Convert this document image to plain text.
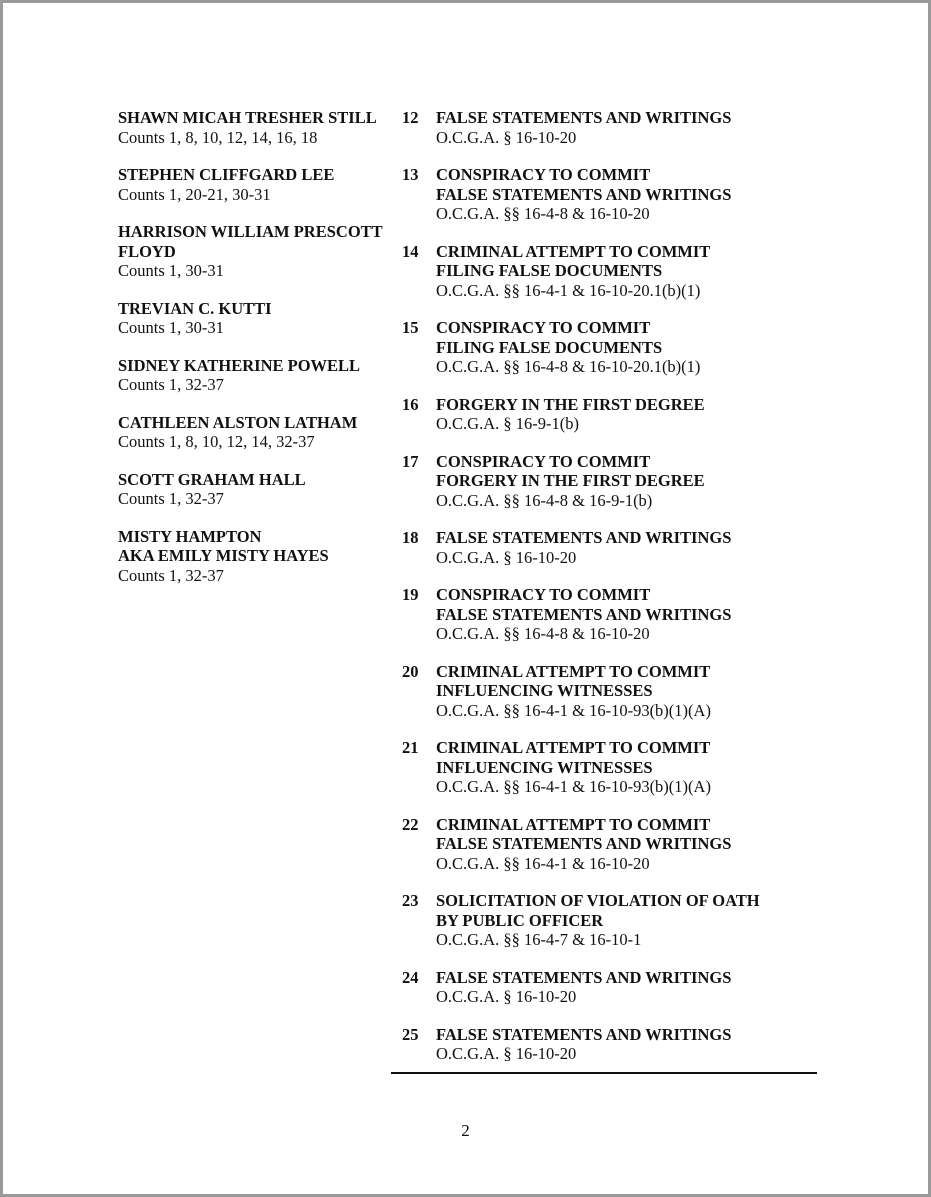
SHAWN MICAH TRESHER STILL
Counts 1, 8, 10, 12, 14, 16, 18
STEPHEN CLIFFGARD LEE
Counts 1, 20-21, 30-31
HARRISON WILLIAM PRESCOTT
FLOYD
Counts 1, 30-31
TREVIAN C. KUTTI
Counts 1, 30-31
SIDNEY KATHERINE POWELL
Counts 1, 32-37
CATHLEEN ALSTON LATHAM
Counts 1, 8, 10, 12, 14, 32-37
SCOTT GRAHAM HALL
Counts 1, 32-37
MISTY HAMPTON
AKA EMILY MISTY HAYES
Counts 1, 32-37
12 FALSE STATEMENTS AND WRITINGS
O.C.G.A. § 16-10-20
13 CONSPIRACY TO COMMIT
FALSE STATEMENTS AND WRITINGS
O.C.G.A. §§ 16-4-8 & 16-10-20
14 CRIMINAL ATTEMPT TO COMMIT
FILING FALSE DOCUMENTS
O.C.G.A. §§ 16-4-1 & 16-10-20.1(b)(1)
15 CONSPIRACY TO COMMIT
FILING FALSE DOCUMENTS
O.C.G.A. §§ 16-4-8 & 16-10-20.1(b)(1)
16 FORGERY IN THE FIRST DEGREE
O.C.G.A. § 16-9-1(b)
17 CONSPIRACY TO COMMIT
FORGERY IN THE FIRST DEGREE
O.C.G.A. §§ 16-4-8 & 16-9-1(b)
18 FALSE STATEMENTS AND WRITINGS
O.C.G.A. § 16-10-20
19 CONSPIRACY TO COMMIT
FALSE STATEMENTS AND WRITINGS
O.C.G.A. §§ 16-4-8 & 16-10-20
20 CRIMINAL ATTEMPT TO COMMIT
INFLUENCING WITNESSES
O.C.G.A. §§ 16-4-1 & 16-10-93(b)(1)(A)
21 CRIMINAL ATTEMPT TO COMMIT
INFLUENCING WITNESSES
O.C.G.A. §§ 16-4-1 & 16-10-93(b)(1)(A)
22 CRIMINAL ATTEMPT TO COMMIT
FALSE STATEMENTS AND WRITINGS
O.C.G.A. §§ 16-4-1 & 16-10-20
23 SOLICITATION OF VIOLATION OF OATH
BY PUBLIC OFFICER
O.C.G.A. §§ 16-4-7 & 16-10-1
24 FALSE STATEMENTS AND WRITINGS
O.C.G.A. § 16-10-20
25 FALSE STATEMENTS AND WRITINGS
O.C.G.A. § 16-10-20
2
